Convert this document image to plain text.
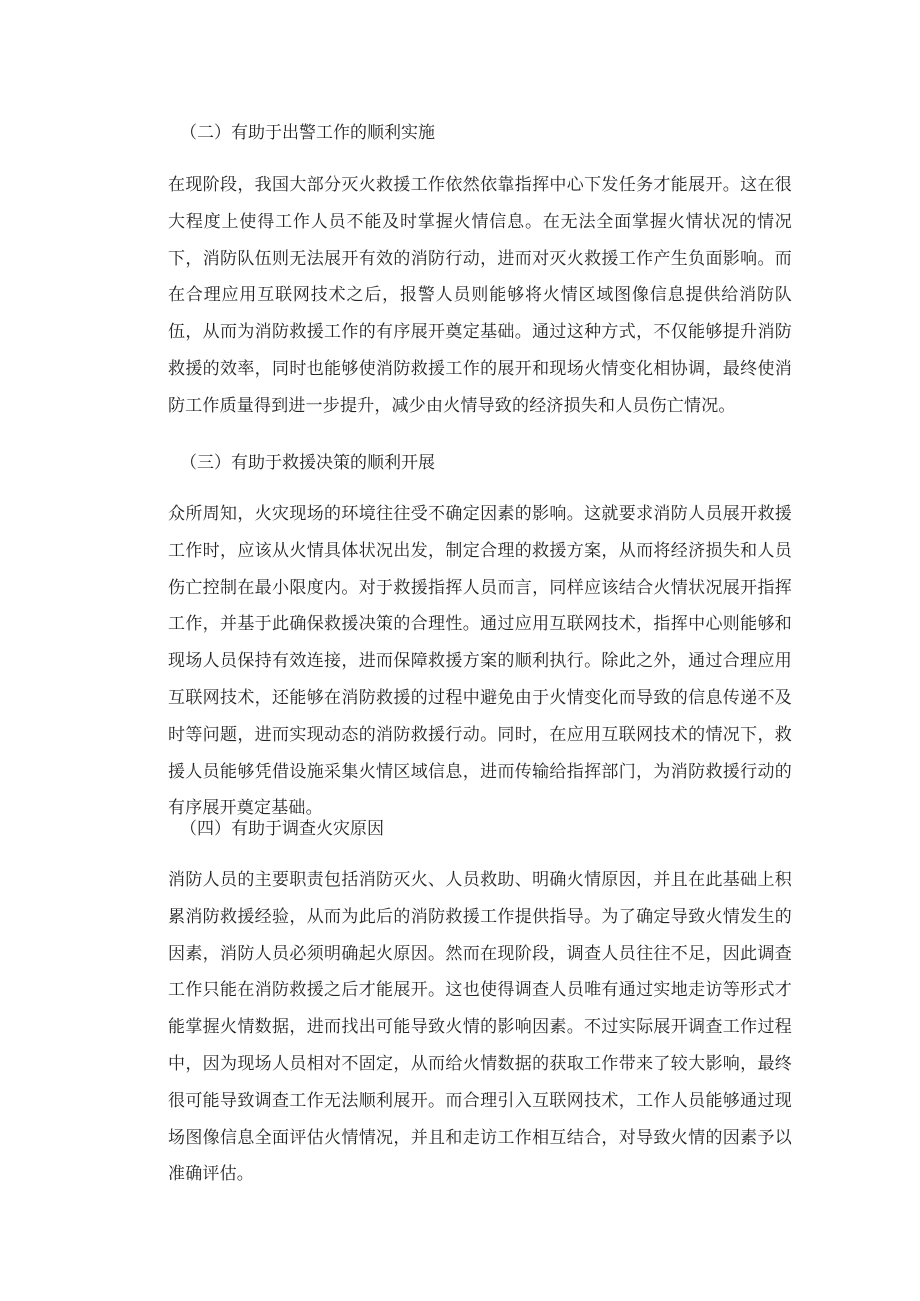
（二）有助于出警工作的顺利实施

在现阶段，我国大部分灭火救援工作依然依靠指挥中心下发任务才能展开。这在很大程度上使得工作人员不能及时掌握火情信息。在无法全面掌握火情状况的情况下，消防队伍则无法展开有效的消防行动，进而对灭火救援工作产生负面影响。而在合理应用互联网技术之后，报警人员则能够将火情区域图像信息提供给消防队伍，从而为消防救援工作的有序展开奠定基础。通过这种方式，不仅能够提升消防救援的效率，同时也能够使消防救援工作的展开和现场火情变化相协调，最终使消防工作质量得到进一步提升，减少由火情导致的经济损失和人员伤亡情况。

（三）有助于救援决策的顺利开展

众所周知，火灾现场的环境往往受不确定因素的影响。这就要求消防人员展开救援工作时，应该从火情具体状况出发，制定合理的救援方案，从而将经济损失和人员伤亡控制在最小限度内。对于救援指挥人员而言，同样应该结合火情状况展开指挥工作，并基于此确保救援决策的合理性。通过应用互联网技术，指挥中心则能够和现场人员保持有效连接，进而保障救援方案的顺利执行。除此之外，通过合理应用互联网技术，还能够在消防救援的过程中避免由于火情变化而导致的信息传递不及时等问题，进而实现动态的消防救援行动。同时，在应用互联网技术的情况下，救援人员能够凭借设施采集火情区域信息，进而传输给指挥部门，为消防救援行动的有序展开奠定基础。

（四）有助于调查火灾原因

消防人员的主要职责包括消防灭火、人员救助、明确火情原因，并且在此基础上积累消防救援经验，从而为此后的消防救援工作提供指导。为了确定导致火情发生的因素，消防人员必须明确起火原因。然而在现阶段，调查人员往往不足，因此调查工作只能在消防救援之后才能展开。这也使得调查人员唯有通过实地走访等形式才能掌握火情数据，进而找出可能导致火情的影响因素。不过实际展开调查工作过程中，因为现场人员相对不固定，从而给火情数据的获取工作带来了较大影响，最终很可能导致调查工作无法顺利展开。而合理引入互联网技术，工作人员能够通过现场图像信息全面评估火情情况，并且和走访工作相互结合，对导致火情的因素予以准确评估。
